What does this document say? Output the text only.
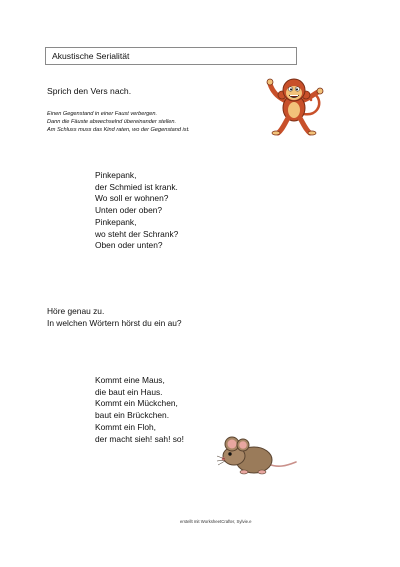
Akustische Serialität
Sprich den Vers nach.
Einen Gegenstand in einer Faust verbergen.
Dann die Fäuste abwechselnd übereinander stellen.
Am Schluss muss das Kind raten, wo der Gegenstand ist.
Pinkepank,
der Schmied ist krank.
Wo soll er wohnen?
Unten oder oben?
Pinkepank,
wo steht der Schrank?
Oben oder unten?
Höre genau zu.
In welchen Wörtern hörst du ein au?
Kommt eine Maus,
die baut ein Haus.
Kommt ein Mückchen,
baut ein Brückchen.
Kommt ein Floh,
der macht sieh! sah! so!
erstellt mit WorksheetCrafter, Sylvie.e
